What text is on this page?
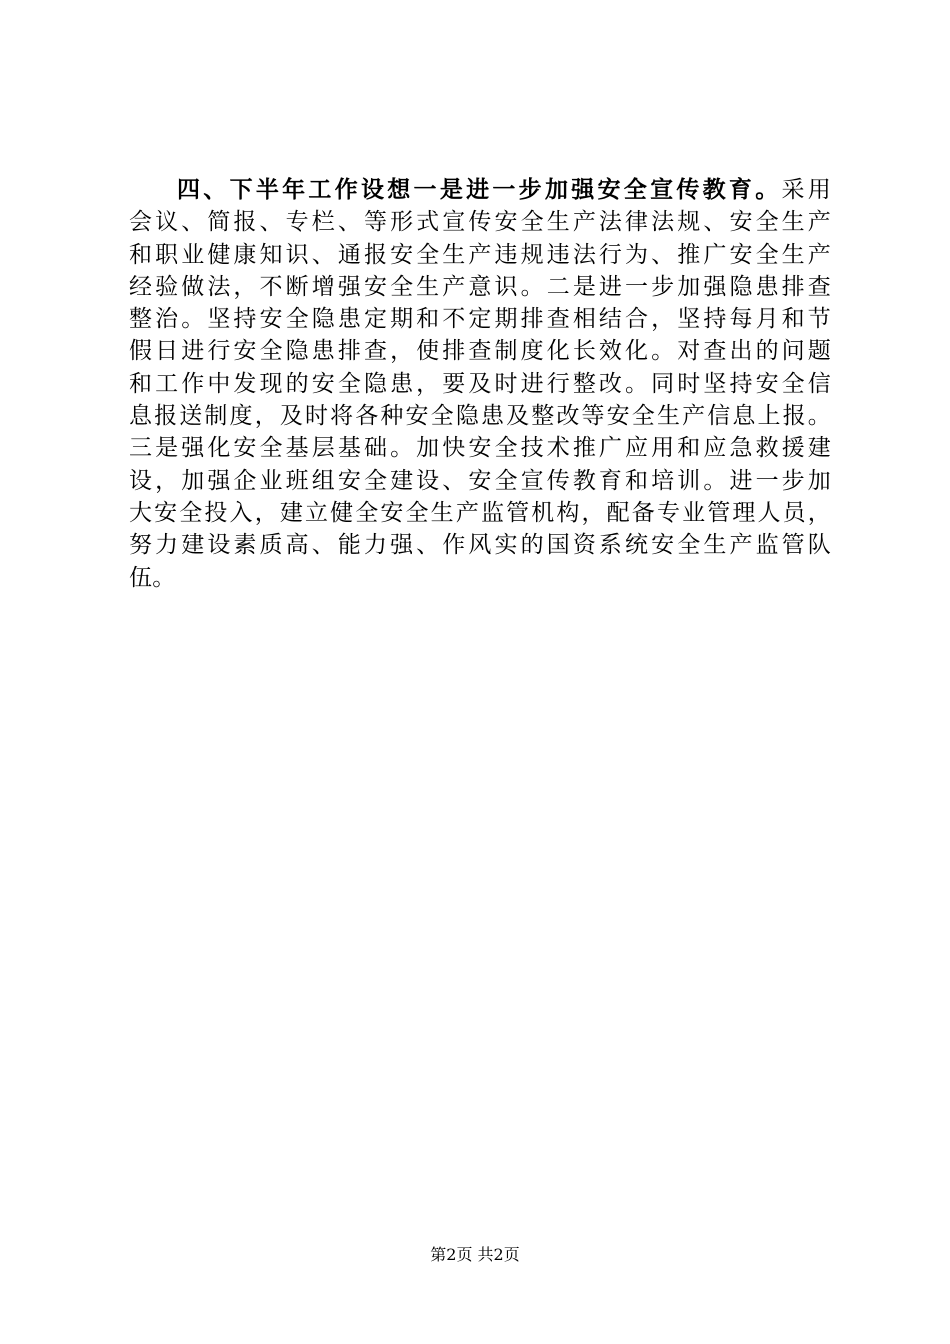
四、下半年工作设想一是进一步加强安全宣传教育。采用
会议、简报、专栏、等形式宣传安全生产法律法规、安全生产
和职业健康知识、通报安全生产违规违法行为、推广安全生产
经验做法，不断增强安全生产意识。二是进一步加强隐患排查
整治。坚持安全隐患定期和不定期排查相结合，坚持每月和节
假日进行安全隐患排查，使排查制度化长效化。对查出的问题
和工作中发现的安全隐患，要及时进行整改。同时坚持安全信
息报送制度，及时将各种安全隐患及整改等安全生产信息上报。
三是强化安全基层基础。加快安全技术推广应用和应急救援建
设，加强企业班组安全建设、安全宣传教育和培训。进一步加
大安全投入，建立健全安全生产监管机构，配备专业管理人员，
努力建设素质高、能力强、作风实的国资系统安全生产监管队
伍。
第2页 共2页
